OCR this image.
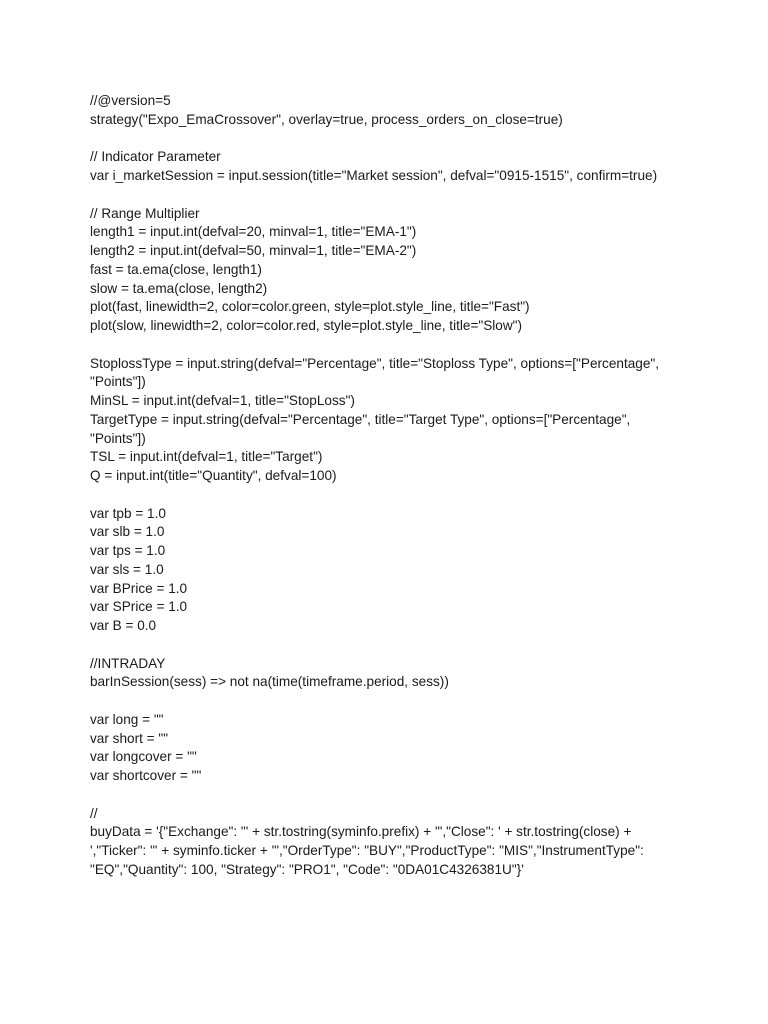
//@version=5

strategy("Expo_EmaCrossover", overlay=true, process_orders_on_close=true)

// Indicator Parameter

var i_marketSession = input.session(title="Market session", defval="0915-1515", confirm=true)

// Range Multiplier

length1 = input.int(defval=20, minval=1, title="EMA-1")

length2 = input.int(defval=50, minval=1, title="EMA-2")

fast = ta.ema(close, length1)

slow = ta.ema(close, length2)

plot(fast, linewidth=2, color=color.green, style=plot.style_line, title="Fast")

plot(slow, linewidth=2, color=color.red, style=plot.style_line, title="Slow")

StoplossType = input.string(defval="Percentage", title="Stoploss Type", options=["Percentage",

"Points"])

MinSL = input.int(defval=1, title="StopLoss")

TargetType = input.string(defval="Percentage", title="Target Type", options=["Percentage",

"Points"])

TSL = input.int(defval=1, title="Target")

Q = input.int(title="Quantity", defval=100)

var tpb = 1.0

var slb = 1.0

var tps = 1.0

var sls = 1.0

var BPrice = 1.0

var SPrice = 1.0

var B = 0.0

//INTRADAY

barInSession(sess) => not na(time(timeframe.period, sess))

var long = ""

var short = ""

var longcover = ""

var shortcover = ""

//

buyData = '{"Exchange": "' + str.tostring(syminfo.prefix) + '","Close": ' + str.tostring(close) +

',"Ticker": "' + syminfo.ticker + '","OrderType": "BUY","ProductType": "MIS","InstrumentType":

"EQ","Quantity": 100, "Strategy": "PRO1", "Code": "0DA01C4326381U"}'
